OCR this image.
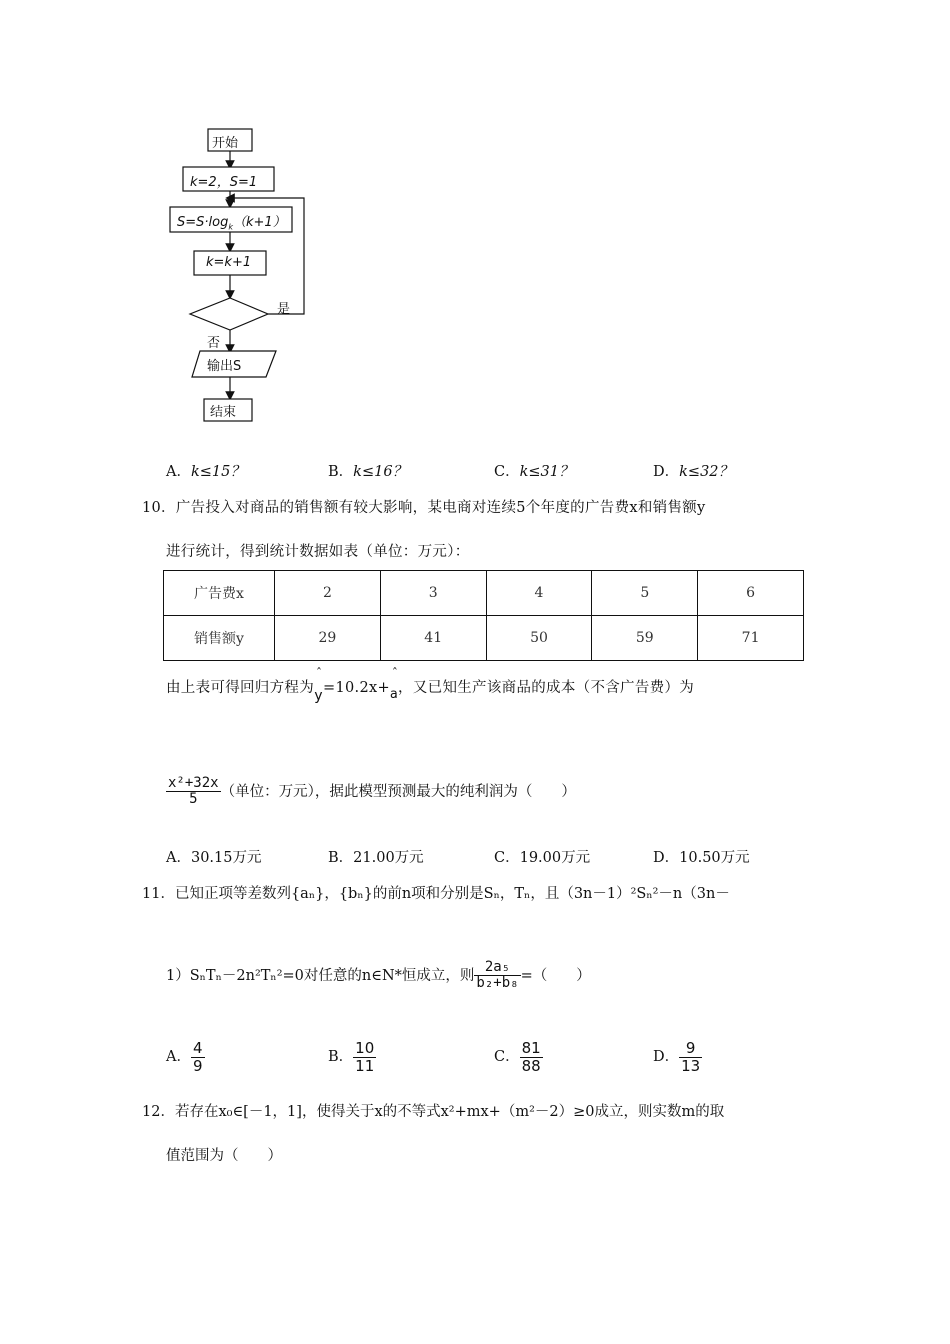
开始
k=2，S=1
$S=S\cdot\log_k(k+1)$
k=k+1
是
否
输出S
结束
A．k≤15？	B．k≤16？	C．k≤31？	D．k≤32？
10．广告投入对商品的销售额有较大影响，某电商对连续5个年度的广告费x和销售额y
进行统计，得到统计数据如表（单位：万元）：
广告费x	2	3	4	5	6
销售额y	29	41	50	59	71
由上表可得回归方程为
ˆ
y=10.2x+
ˆ
a，又已知生产该商品的成本（不含广告费）为
$\frac{\text{x²+32x}}{5}$ （单位：万元），据此模型预测最大的纯利润为（　　）
A．30.15万元	B．21.00万元	C．19.00万元	D．10.50万元
11．已知正项等差数列{aₙ}，{bₙ}的前n项和分别是Sₙ，Tₙ，且（3n－1）²Sₙ²－n（3n－
1）SₙTₙ－2n²Tₙ²=0对任意的n∈N*恒成立，则 $\frac{\text{2a₅}}{\text{b₂+b₈}}$ =（　　）
A． $\frac{4}{9}$	B． $\frac{10}{11}$	C． $\frac{81}{88}$	D． $\frac{9}{13}$
12．若存在x₀∈[－1，1]，使得关于x的不等式x²+mx+（m²－2）≥0成立，则实数m的取
值范围为（　　）
